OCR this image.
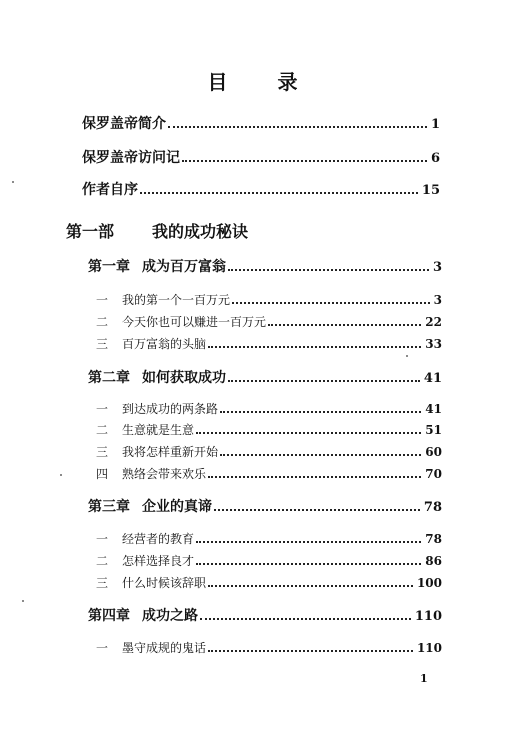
目	录
保罗盖帝简介	1
保罗盖帝访问记	6
作者自序	15
第一部 我的成功秘诀
第一章 成为百万富翁	3
一 我的第一个一百万元	3
二 今天你也可以赚进一百万元	22
三 百万富翁的头脑	33
第二章 如何获取成功	41
一 到达成功的两条路	41
二 生意就是生意	51
三 我将怎样重新开始	60
四 熟络会带来欢乐	70
第三章 企业的真谛	78
一 经营者的教育	78
二 怎样选择良才	86
三 什么时候该辞职	100
第四章 成功之路	110
一 墨守成规的鬼话	110
1
